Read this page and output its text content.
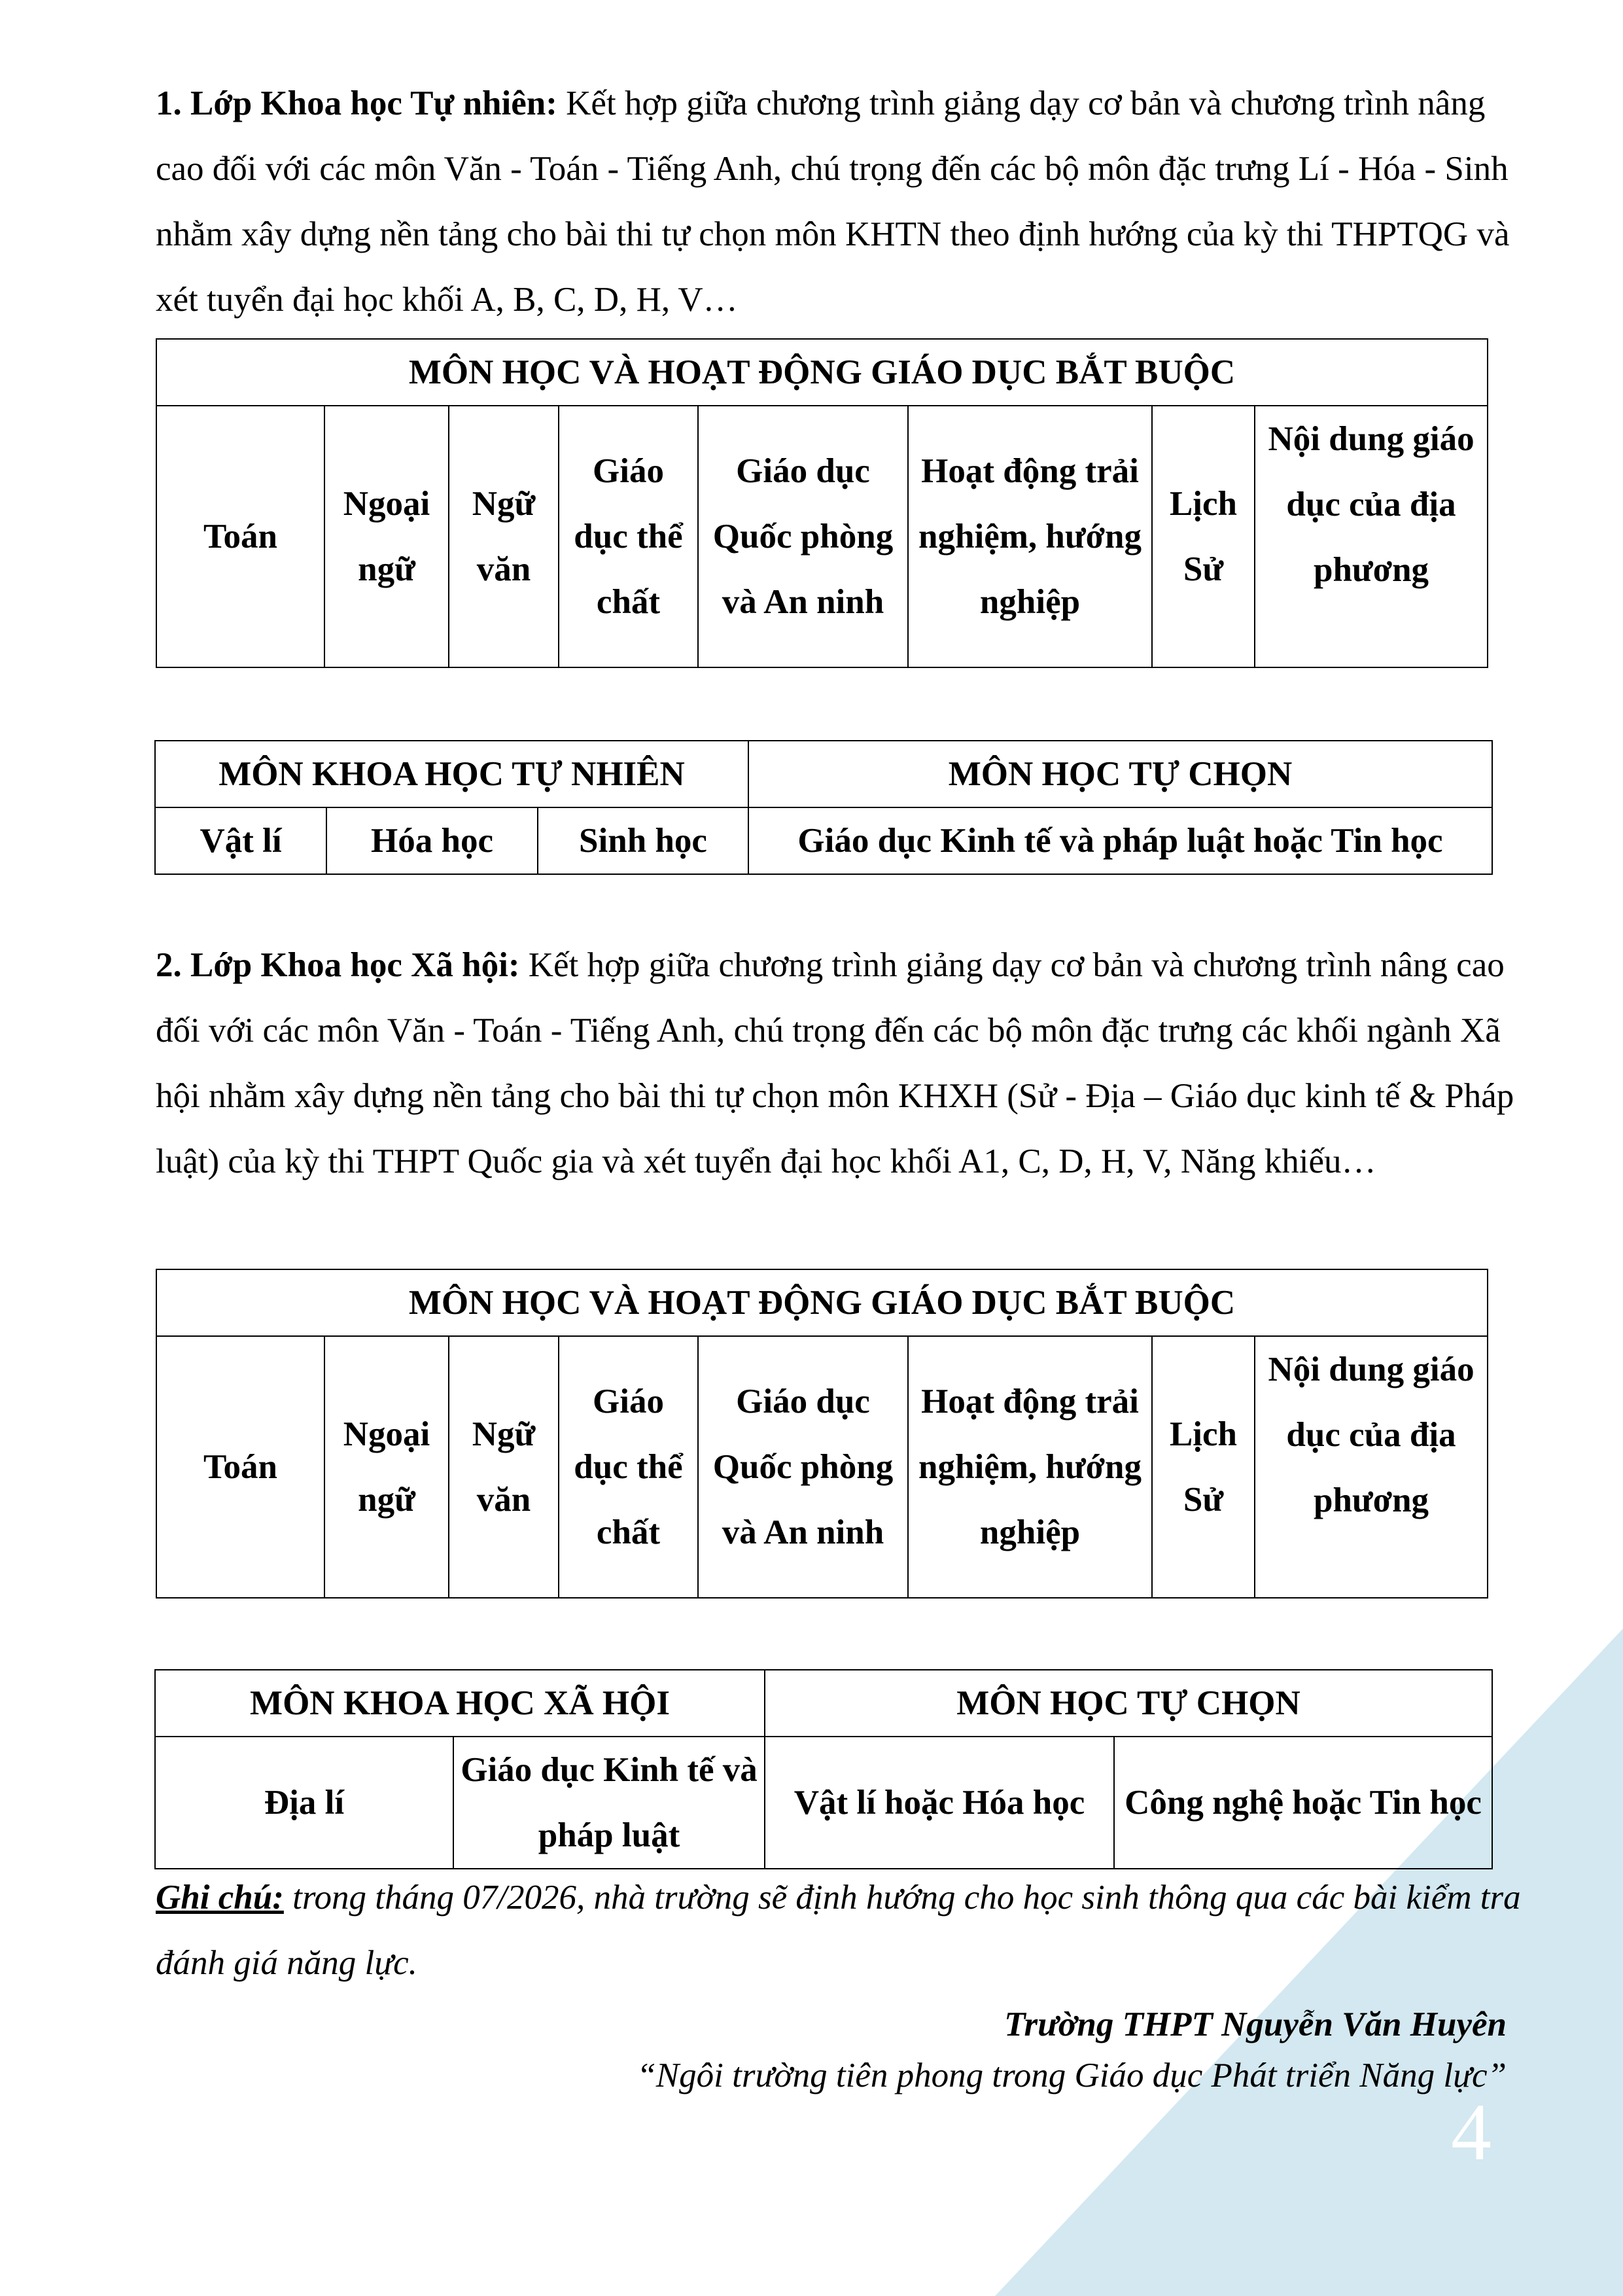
4

1. Lớp Khoa học Tự nhiên: Kết hợp giữa chương trình giảng dạy cơ bản và chương trình nâng cao đối với các môn Văn - Toán - Tiếng Anh, chú trọng đến các bộ môn đặc trưng Lí - Hóa - Sinh nhằm xây dựng nền tảng cho bài thi tự chọn môn KHTN theo định hướng của kỳ thi THPTQG và xét tuyển đại học khối A, B, C, D, H, V…

MÔN HỌC VÀ HOẠT ĐỘNG GIÁO DỤC BẮT BUỘC
Toán	Ngoại ngữ	Ngữ văn	Giáo dục thể chất	Giáo dục Quốc phòng và An ninh	Hoạt động trải nghiệm, hướng nghiệp	Lịch Sử	Nội dung giáo dục của địa phương
MÔN KHOA HỌC TỰ NHIÊN			MÔN HỌC TỰ CHỌN
Vật lí	Hóa học	Sinh học	Giáo dục Kinh tế và pháp luật hoặc Tin học

2. Lớp Khoa học Xã hội: Kết hợp giữa chương trình giảng dạy cơ bản và chương trình nâng cao đối với các môn Văn - Toán - Tiếng Anh, chú trọng đến các bộ môn đặc trưng các khối ngành Xã hội nhằm xây dựng nền tảng cho bài thi tự chọn môn KHXH (Sử - Địa – Giáo dục kinh tế & Pháp luật) của kỳ thi THPT Quốc gia và xét tuyển đại học khối A1, C, D, H, V, Năng khiếu…

MÔN HỌC VÀ HOẠT ĐỘNG GIÁO DỤC BẮT BUỘC
Toán	Ngoại ngữ	Ngữ văn	Giáo dục thể chất	Giáo dục Quốc phòng và An ninh	Hoạt động trải nghiệm, hướng nghiệp	Lịch Sử	Nội dung giáo dục của địa phương
MÔN KHOA HỌC XÃ HỘI		MÔN HỌC TỰ CHỌN	
Địa lí	Giáo dục Kinh tế và pháp luật	Vật lí hoặc Hóa học	Công nghệ hoặc Tin học

Ghi chú: trong tháng 07/2026, nhà trường sẽ định hướng cho học sinh thông qua các bài kiểm tra đánh giá năng lực.

Trường THPT Nguyễn Văn Huyên
“Ngôi trường tiên phong trong Giáo dục Phát triển Năng lực”
